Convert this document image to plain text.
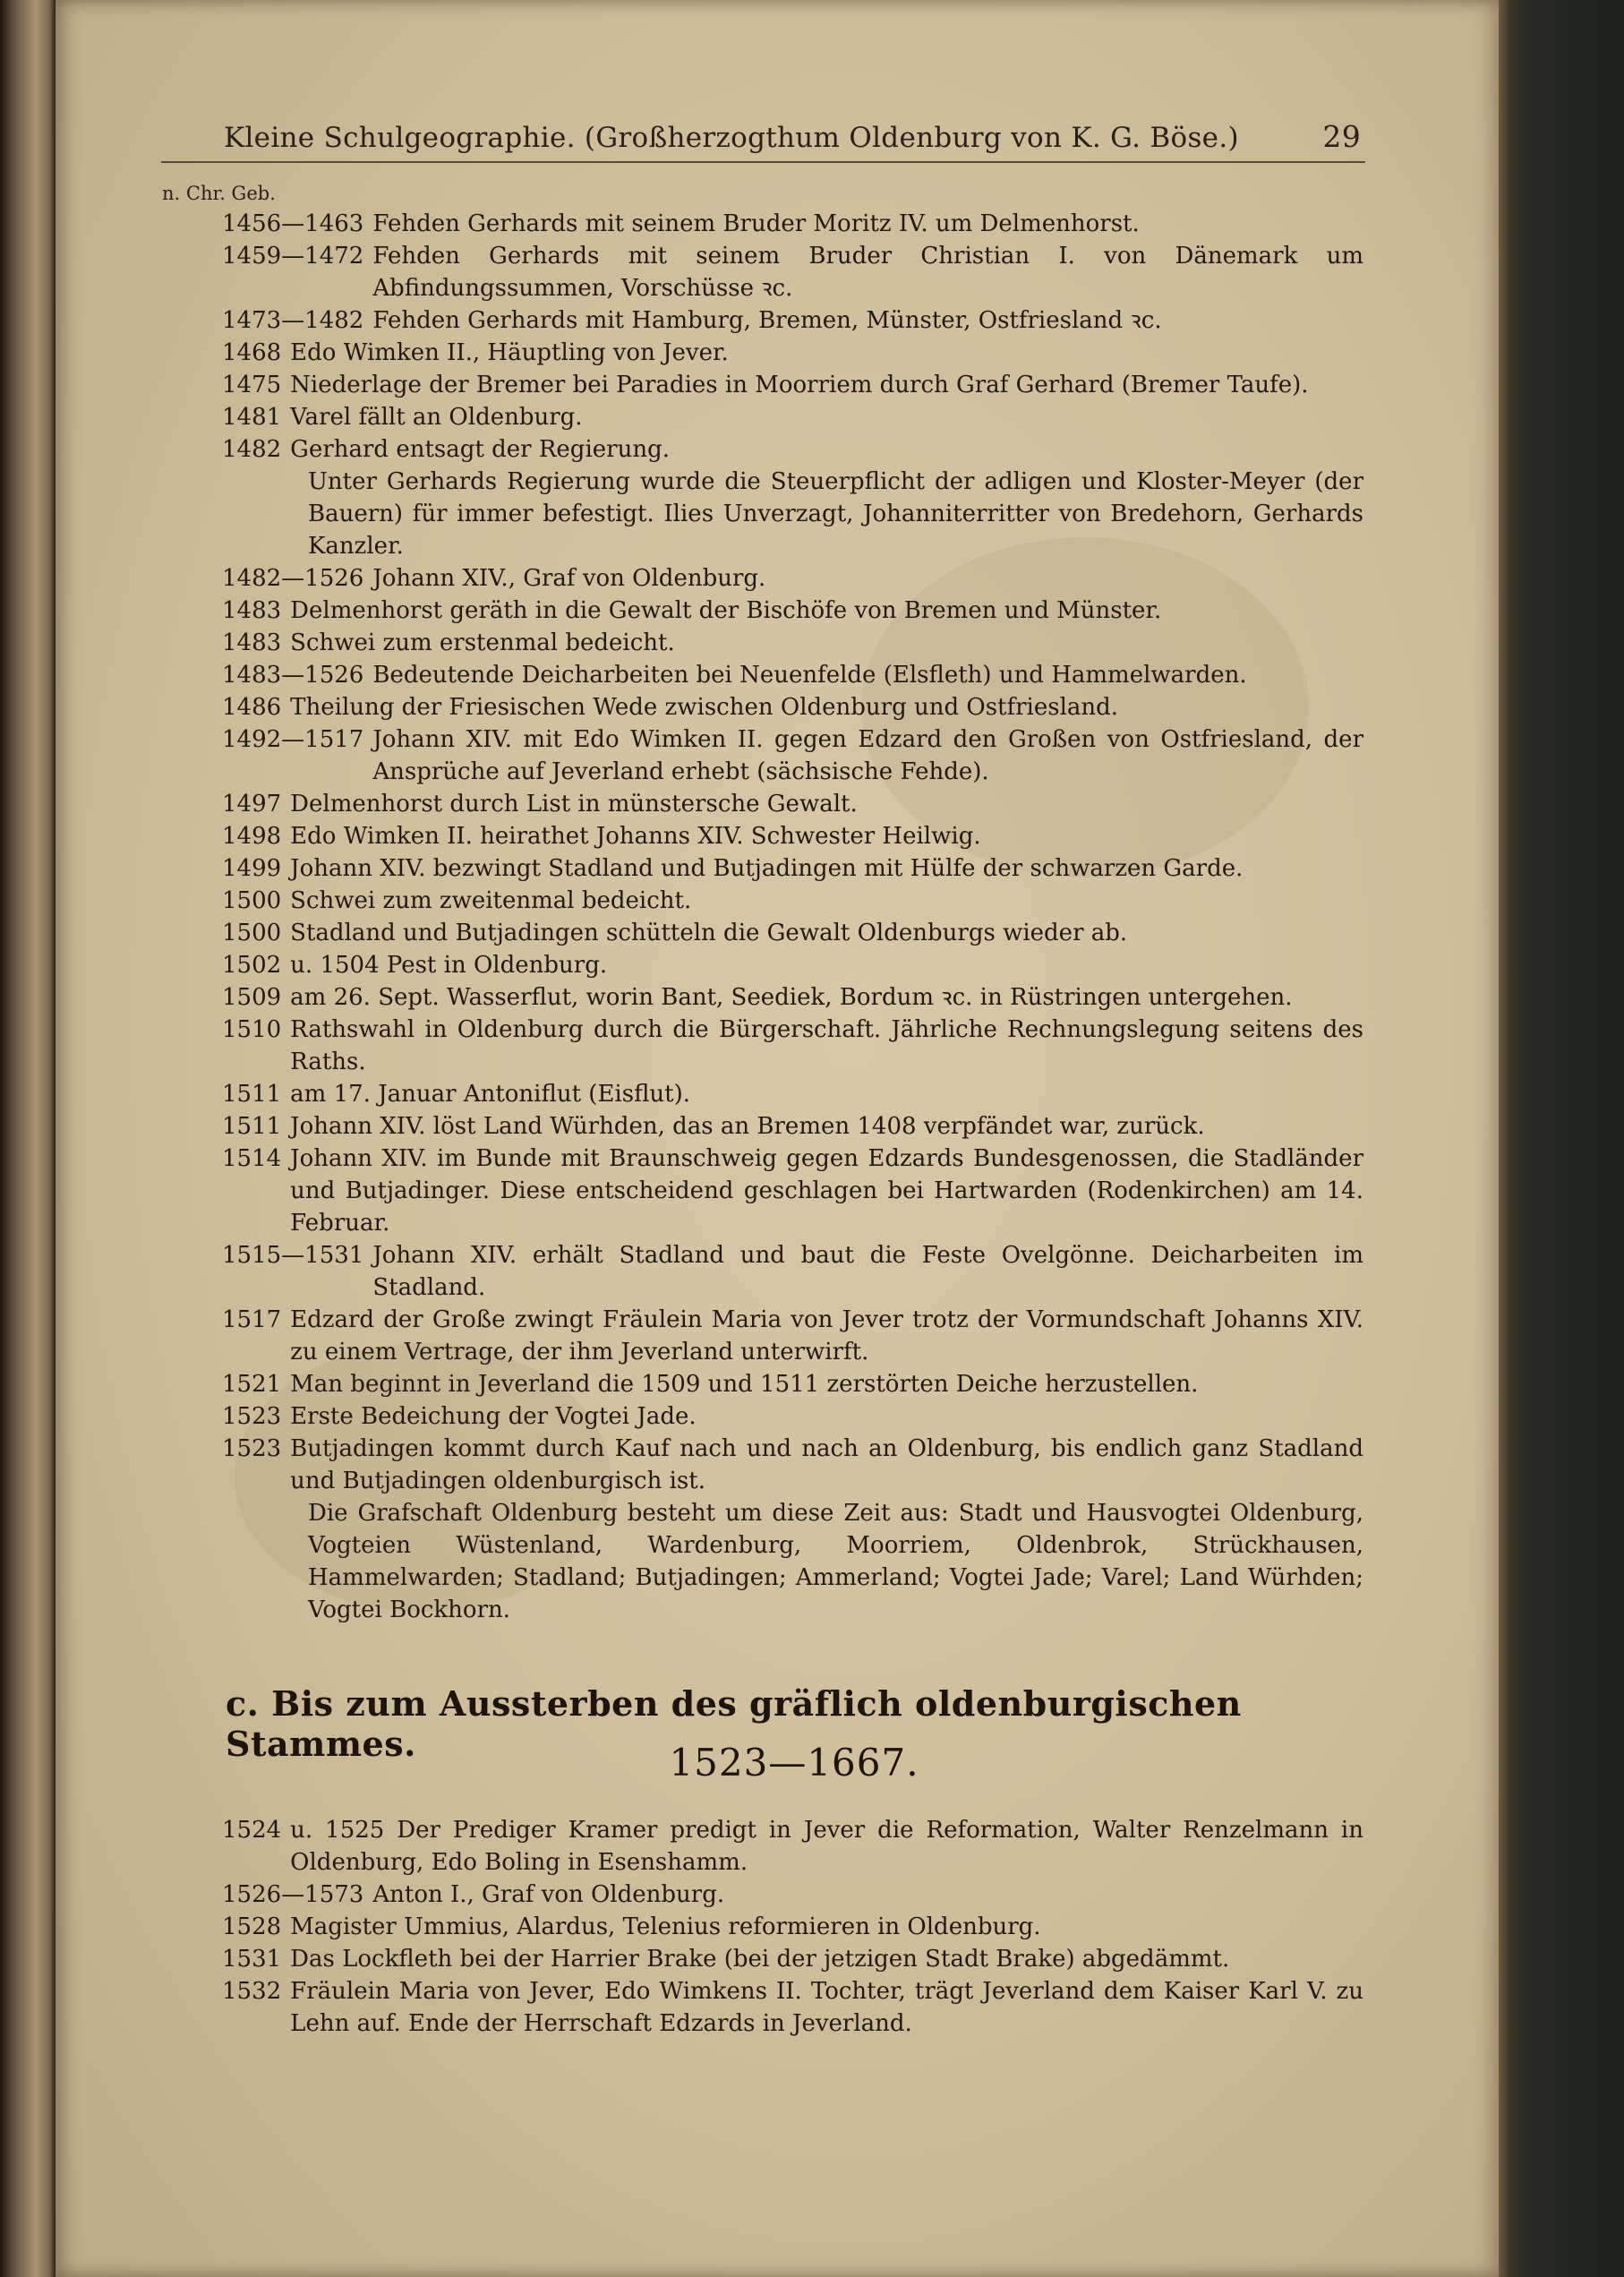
Kleine Schulgeographie. (Großherzogthum Oldenburg von K. G. Böse.)	29
n. Chr. Geb.
1456—1463 Fehden Gerhards mit seinem Bruder Moritz IV. um Delmenhorst.
1459—1472 Fehden Gerhards mit seinem Bruder Christian I. von Dänemark um Abfindungssummen, Vorschüsse ꝛc.
1473—1482 Fehden Gerhards mit Hamburg, Bremen, Münster, Ostfriesland ꝛc.
1468 Edo Wimken II., Häuptling von Jever.
1475 Niederlage der Bremer bei Paradies in Moorriem durch Graf Gerhard (Bremer Taufe).
1481 Varel fällt an Oldenburg.
1482 Gerhard entsagt der Regierung.
Unter Gerhards Regierung wurde die Steuerpflicht der adligen und Kloster-Meyer (der Bauern) für immer befestigt. Ilies Unverzagt, Johanniterritter von Bredehorn, Gerhards Kanzler.
1482—1526 Johann XIV., Graf von Oldenburg.
1483 Delmenhorst geräth in die Gewalt der Bischöfe von Bremen und Münster.
1483 Schwei zum erstenmal bedeicht.
1483—1526 Bedeutende Deicharbeiten bei Neuenfelde (Elsfleth) und Hammelwarden.
1486 Theilung der Friesischen Wede zwischen Oldenburg und Ostfriesland.
1492—1517 Johann XIV. mit Edo Wimken II. gegen Edzard den Großen von Ostfriesland, der Ansprüche auf Jeverland erhebt (sächsische Fehde).
1497 Delmenhorst durch List in münstersche Gewalt.
1498 Edo Wimken II. heirathet Johanns XIV. Schwester Heilwig.
1499 Johann XIV. bezwingt Stadland und Butjadingen mit Hülfe der schwarzen Garde.
1500 Schwei zum zweitenmal bedeicht.
1500 Stadland und Butjadingen schütteln die Gewalt Oldenburgs wieder ab.
1502 u. 1504 Pest in Oldenburg.
1509 am 26. Sept. Wasserflut, worin Bant, Seediek, Bordum ꝛc. in Rüstringen untergehen.
1510 Rathswahl in Oldenburg durch die Bürgerschaft. Jährliche Rechnungslegung seitens des Raths.
1511 am 17. Januar Antoniflut (Eisflut).
1511 Johann XIV. löst Land Würhden, das an Bremen 1408 verpfändet war, zurück.
1514 Johann XIV. im Bunde mit Braunschweig gegen Edzards Bundesgenossen, die Stadländer und Butjadinger. Diese entscheidend geschlagen bei Hartwarden (Rodenkirchen) am 14. Februar.
1515—1531 Johann XIV. erhält Stadland und baut die Feste Ovelgönne. Deicharbeiten im Stadland.
1517 Edzard der Große zwingt Fräulein Maria von Jever trotz der Vormundschaft Johanns XIV. zu einem Vertrage, der ihm Jeverland unterwirft.
1521 Man beginnt in Jeverland die 1509 und 1511 zerstörten Deiche herzustellen.
1523 Erste Bedeichung der Vogtei Jade.
1523 Butjadingen kommt durch Kauf nach und nach an Oldenburg, bis endlich ganz Stadland und Butjadingen oldenburgisch ist.
Die Grafschaft Oldenburg besteht um diese Zeit aus: Stadt und Hausvogtei Oldenburg, Vogteien Wüstenland, Wardenburg, Moorriem, Oldenbrok, Strückhausen, Hammelwarden; Stadland; Butjadingen; Ammerland; Vogtei Jade; Varel; Land Würhden; Vogtei Bockhorn.
c. Bis zum Aussterben des gräflich oldenburgischen Stammes.	1523—1667.
1524 u. 1525 Der Prediger Kramer predigt in Jever die Reformation, Walter Renzelmann in Oldenburg, Edo Boling in Esenshamm.
1526—1573 Anton I., Graf von Oldenburg.
1528 Magister Ummius, Alardus, Telenius reformieren in Oldenburg.
1531 Das Lockfleth bei der Harrier Brake (bei der jetzigen Stadt Brake) abgedämmt.
1532 Fräulein Maria von Jever, Edo Wimkens II. Tochter, trägt Jeverland dem Kaiser Karl V. zu Lehn auf. Ende der Herrschaft Edzards in Jeverland.
